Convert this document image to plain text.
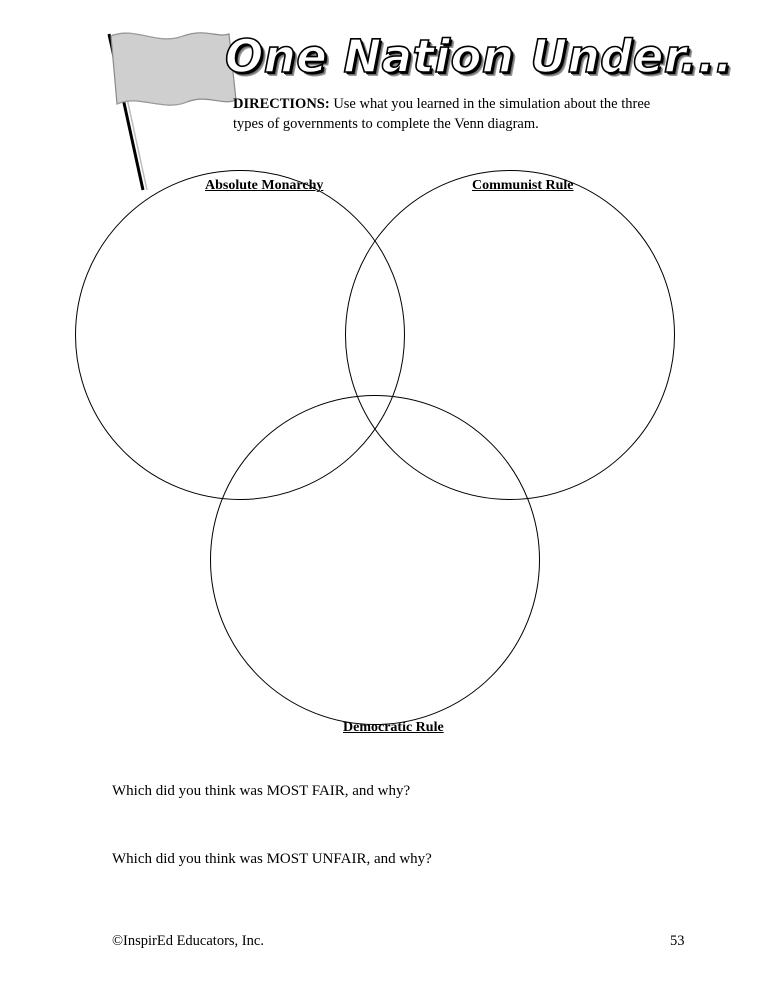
One Nation Under...
DIRECTIONS: Use what you learned in the simulation about the three types of governments to complete the Venn diagram.
Absolute Monarchy	Communist Rule
Democratic Rule
Which did you think was MOST FAIR, and why?
Which did you think was MOST UNFAIR, and why?
©InspirEd Educators, Inc.	53
